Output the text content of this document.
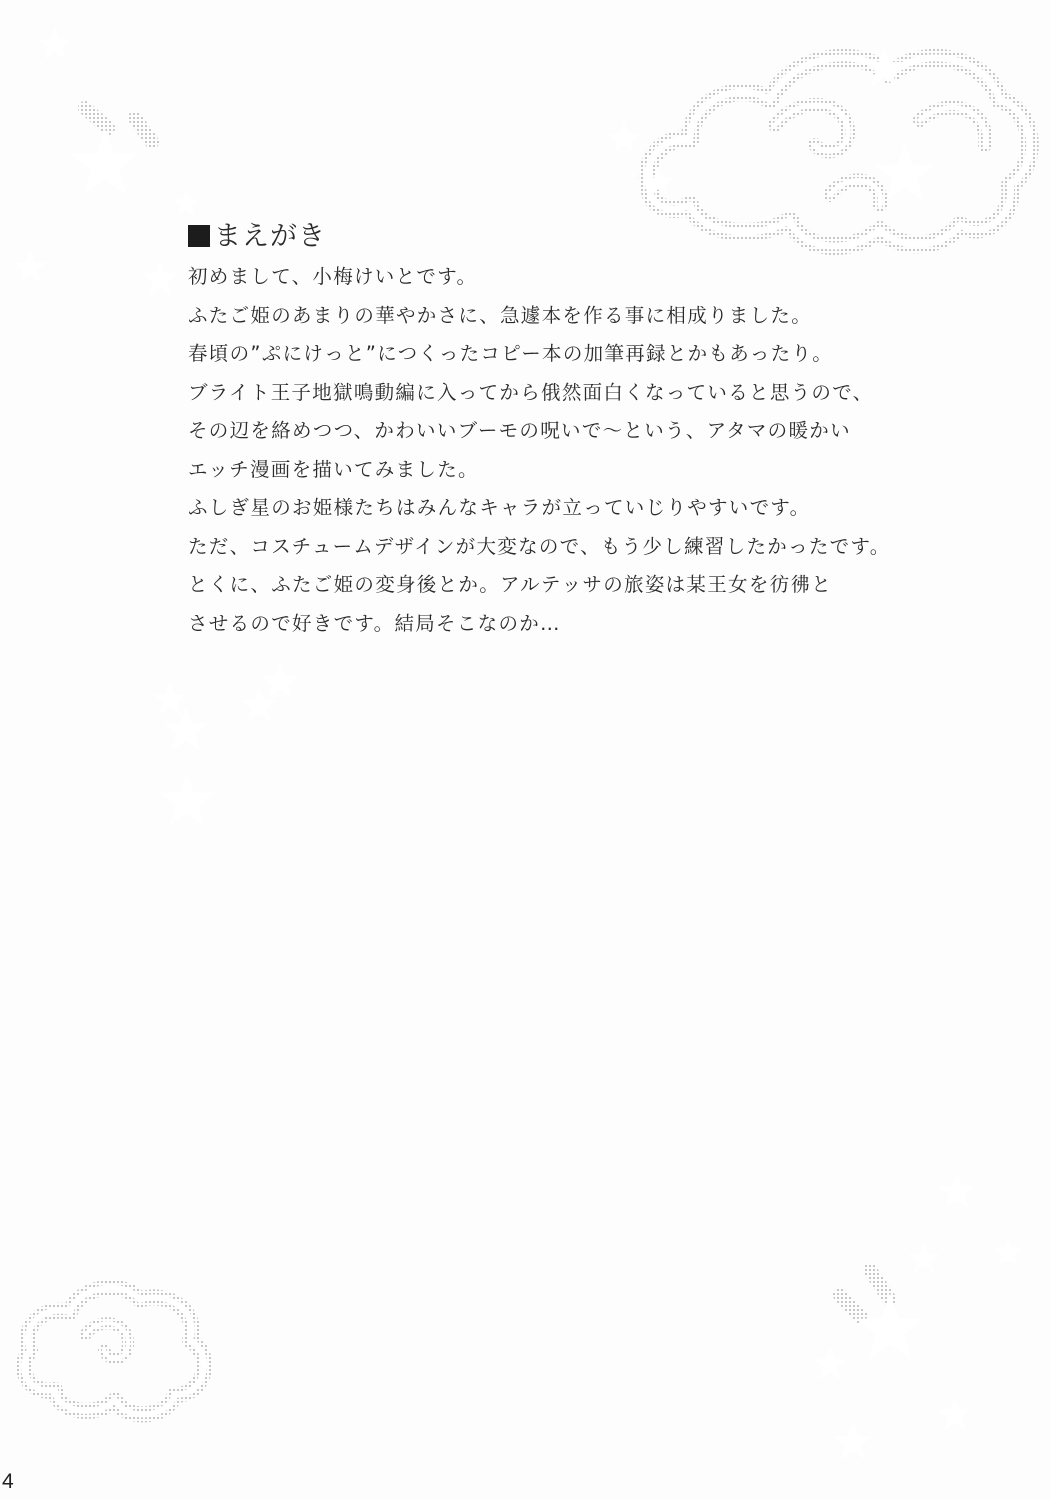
まえがき
初めまして、小梅けいとです。
ふたご姫のあまりの華やかさに、急遽本を作る事に相成りました。
春頃の”ぷにけっと”につくったコピー本の加筆再録とかもあったり。
ブライト王子地獄鳴動編に入ってから俄然面白くなっていると思うので、
その辺を絡めつつ、かわいいブーモの呪いで～という、アタマの暖かい
エッチ漫画を描いてみました。
ふしぎ星のお姫様たちはみんなキャラが立っていじりやすいです。
ただ、コスチュームデザインが大変なので、もう少し練習したかったです。
とくに、ふたご姫の変身後とか。アルテッサの旅姿は某王女を彷彿と
させるので好きです。結局そこなのか…
4
